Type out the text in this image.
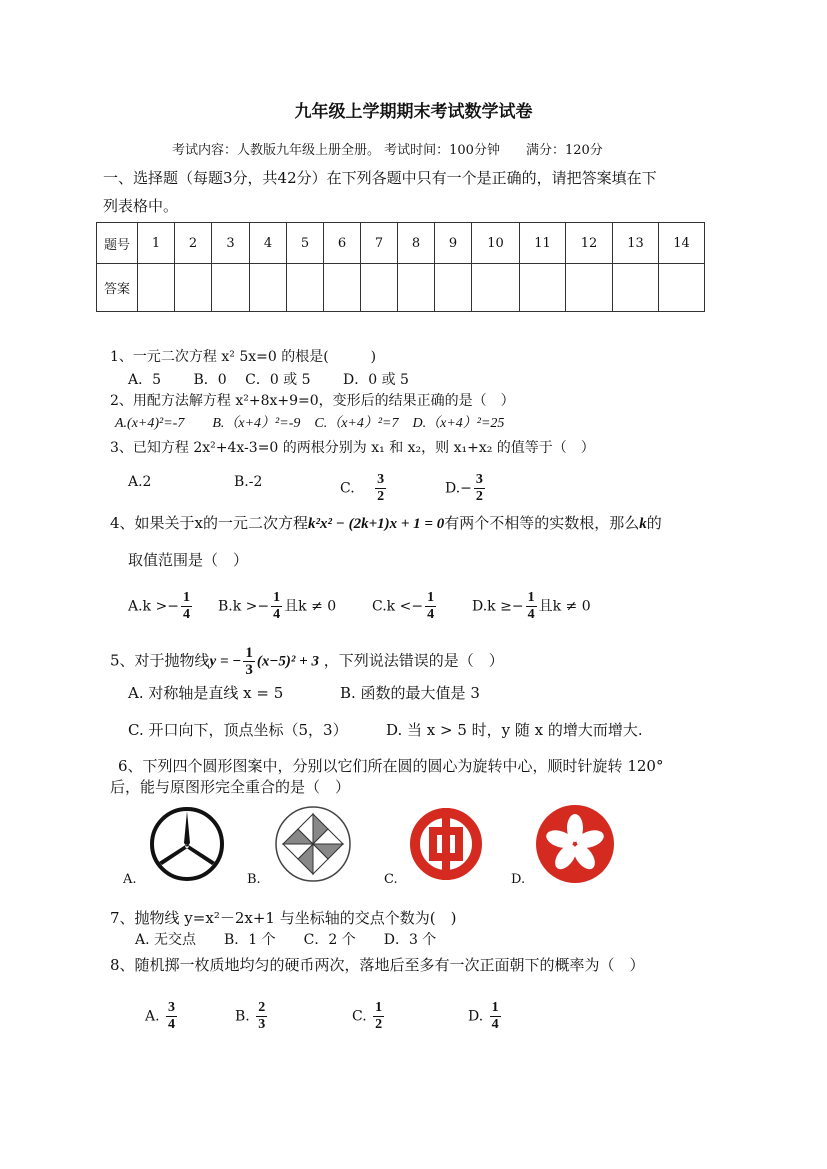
九年级上学期期末考试数学试卷
考试内容：人教版九年级上册全册。 考试时间：100分钟　　满分：120分
一、选择题（每题3分，共42分）在下列各题中只有一个是正确的，请把答案填在下
列表格中。
题号	1	2	3	4	5	6	7	8	9	10	11	12	13	14
答案														
1、一元二次方程 x² 5x=0 的根是(　　　)
A．5　　 B．0　 C．0 或 5　　 D．0 或 5
2、用配方法解方程 x²+8x+9=0，变形后的结果正确的是（　）
A.(x+4)²=-7　　B.（x+4）²=-9　C.（x+4）²=7　D.（x+4）²=25
3、已知方程 2x²+4x-3=0 的两根分别为 x₁ 和 x₂，则 x₁+x₂ 的值等于（　）
A.2	B.-2	C. $\frac{3}{2}$	$D.- \frac{3}{2}$
4、如果关于x的一元二次方程k²x² − (2k+1)x + 1 = 0有两个不相等的实数根，那么k的
取值范围是（　）
$A.k >- \frac{1}{4} B.k >- \frac{1}{4}$ 且k ≠ 0	$C.k <- \frac{1}{4}$	$D.k \ge- \frac{1}{4}$ 且k ≠ 0
5、对于抛物线y = − $\frac{1}{3} (x-5)^2 + 3$ ，下列说法错误的是（　）
A. 对称轴是直线 x = 5	B. 函数的最大值是 3
C. 开口向下，顶点坐标（5，3）	D. 当 x > 5 时，y 随 x 的增大而增大.
6、下列四个圆形图案中，分别以它们所在圆的圆心为旋转中心，顺时针旋转 120°
后，能与原图形完全重合的是（　）
A.	B.	C.	D.
7、抛物线 y=x²－2x+1 与坐标轴的交点个数为(　)
A. 无交点　　B．1 个　　C．2 个　　D．3 个
8、随机掷一枚质地均匀的硬币两次，落地后至多有一次正面朝下的概率为（　）
A. $\frac{3}{4}$	B. $\frac{2}{3}$	C. $\frac{1}{2}$	D. $\frac{1}{4}$
